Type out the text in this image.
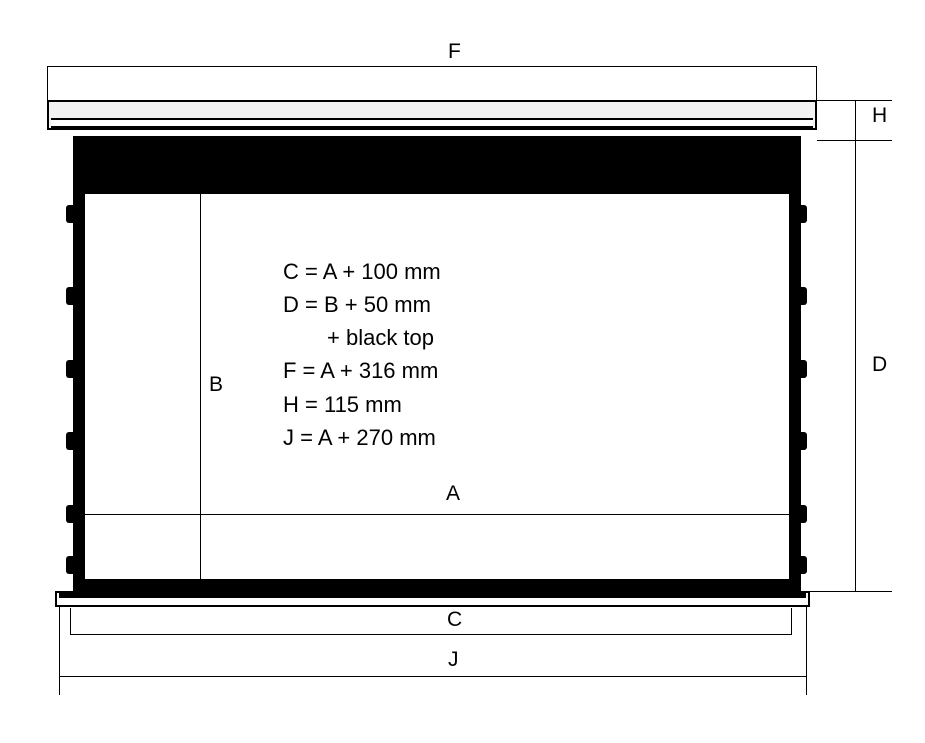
F
H
C = A + 100 mm
D = B + 50 mm
+ black top
F = A + 316 mm
H = 115 mm
J = A + 270 mm
B
A
D
C
J
